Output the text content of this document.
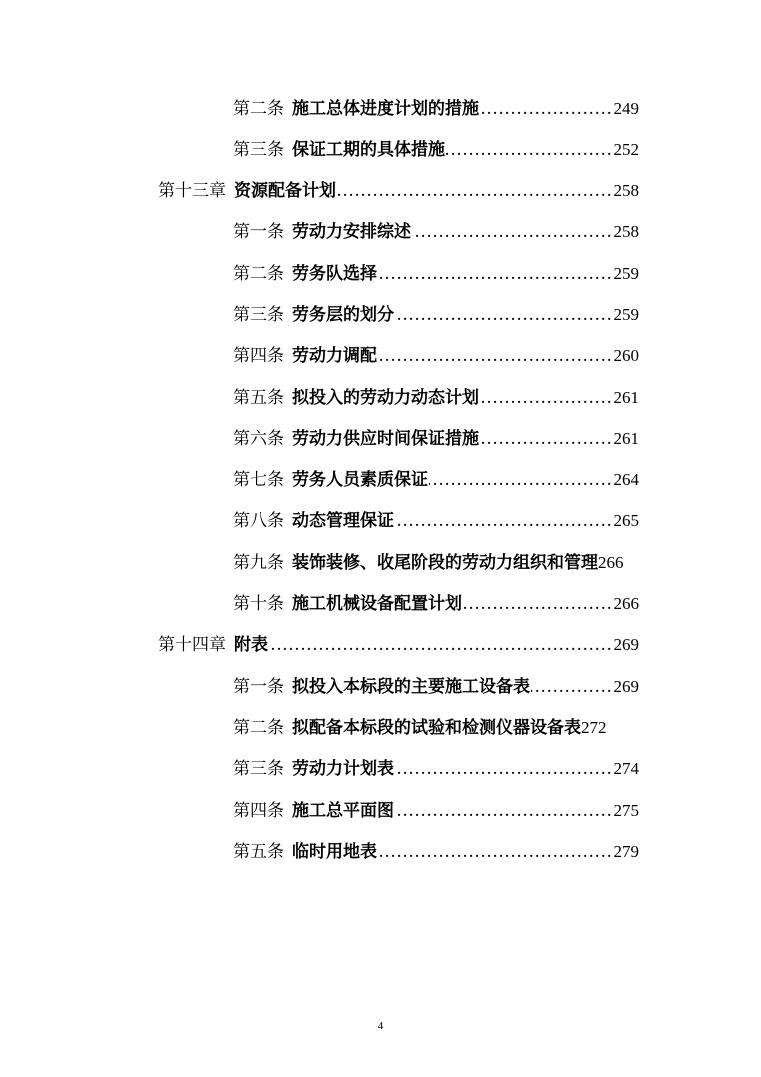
第二条 施工总体进度计划的措施 .....	249
第三条 保证工期的具体措施 .....	252
第十三章 资源配备计划 .....	258
第一条 劳动力安排综述 .....	258
第二条 劳务队选择 .....	259
第三条 劳务层的划分 .....	259
第四条 劳动力调配 .....	260
第五条 拟投入的劳动力动态计划 .....	261
第六条 劳动力供应时间保证措施 .....	261
第七条 劳务人员素质保证 .....	264
第八条 动态管理保证 .....	265
第九条 装饰装修、收尾阶段的劳动力组织和管理 266
第十条 施工机械设备配置计划 .....	266
第十四章 附表 .....	269
第一条 拟投入本标段的主要施工设备表 .....	269
第二条 拟配备本标段的试验和检测仪器设备表 272
第三条 劳动力计划表 .....	274
第四条 施工总平面图 .....	275
第五条 临时用地表 .....	279
4
